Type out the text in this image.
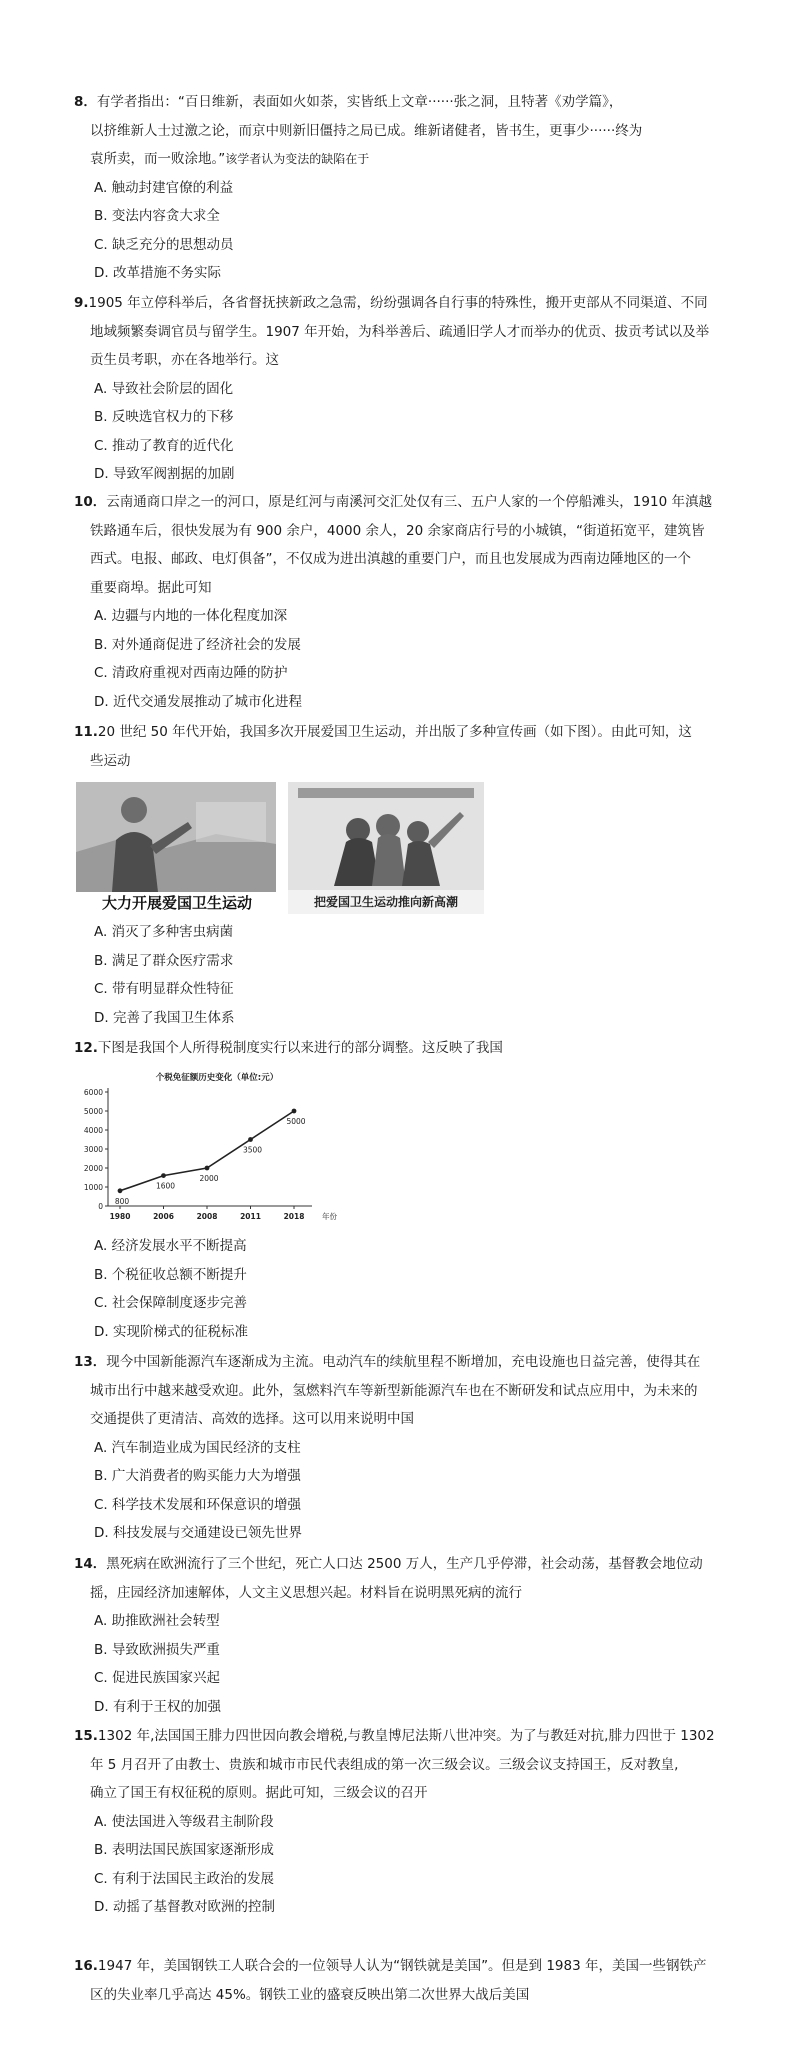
8．有学者指出：“百日维新，表面如火如荼，实皆纸上文章······张之洞，且特著《劝学篇》，

以挤维新人士过激之论，而京中则新旧僵持之局已成。维新诸健者，皆书生，更事少······终为

袁所卖，而一败涂地。”该学者认为变法的缺陷在于

A. 触动封建官僚的利益

B. 变法内容贪大求全

C. 缺乏充分的思想动员

D. 改革措施不务实际

9.1905 年立停科举后，各省督抚挟新政之急需，纷纷强调各自行事的特殊性，搬开吏部从不同渠道、不同

地域频繁奏调官员与留学生。1907 年开始，为科举善后、疏通旧学人才而举办的优贡、拔贡考试以及举

贡生员考职，亦在各地举行。这

A. 导致社会阶层的固化

B. 反映选官权力的下移

C. 推动了教育的近代化

D. 导致军阀割据的加剧

10．云南通商口岸之一的河口，原是红河与南溪河交汇处仅有三、五户人家的一个停船滩头，1910 年滇越

铁路通车后，很快发展为有 900 余户，4000 余人，20 余家商店行号的小城镇，“街道拓宽平，建筑皆

西式。电报、邮政、电灯俱备”，不仅成为进出滇越的重要门户，而且也发展成为西南边陲地区的一个

重要商埠。据此可知

A. 边疆与内地的一体化程度加深

B. 对外通商促进了经济社会的发展

C. 清政府重视对西南边陲的防护

D. 近代交通发展推动了城市化进程

11.20 世纪 50 年代开始，我国多次开展爱国卫生运动，并出版了多种宣传画（如下图）。由此可知，这

些运动

大力开展爱国卫生运动	把爱国卫生运动推向新高潮

A. 消灭了多种害虫病菌

B. 满足了群众医疗需求

C. 带有明显群众性特征

D. 完善了我国卫生体系

12.下图是我国个人所得税制度实行以来进行的部分调整。这反映了我国

0
1000
2000
3000
4000
5000
6000
1980	2006	2008	2011	2018 年份
个税免征额历史变化（单位:元）
800
1600
2000
3500
5000

A. 经济发展水平不断提高

B. 个税征收总额不断提升

C. 社会保障制度逐步完善

D. 实现阶梯式的征税标准

13．现今中国新能源汽车逐渐成为主流。电动汽车的续航里程不断增加，充电设施也日益完善，使得其在

城市出行中越来越受欢迎。此外，氢燃料汽车等新型新能源汽车也在不断研发和试点应用中，为未来的

交通提供了更清洁、高效的选择。这可以用来说明中国

A. 汽车制造业成为国民经济的支柱

B. 广大消费者的购买能力大为增强

C. 科学技术发展和环保意识的增强

D. 科技发展与交通建设已领先世界

14．黑死病在欧洲流行了三个世纪，死亡人口达 2500 万人，生产几乎停滞，社会动荡，基督教会地位动

摇，庄园经济加速解体，人文主义思想兴起。材料旨在说明黑死病的流行

A. 助推欧洲社会转型

B. 导致欧洲损失严重

C. 促进民族国家兴起

D. 有利于王权的加强

15.1302 年,法国国王腓力四世因向教会增税,与教皇博尼法斯八世冲突。为了与教廷对抗,腓力四世于 1302

年 5 月召开了由教士、贵族和城市市民代表组成的第一次三级会议。三级会议支持国王，反对教皇,

确立了国王有权征税的原则。据此可知，三级会议的召开

A. 使法国进入等级君主制阶段

B. 表明法国民族国家逐渐形成

C. 有利于法国民主政治的发展

D. 动摇了基督教对欧洲的控制

16.1947 年，美国钢铁工人联合会的一位领导人认为“钢铁就是美国”。但是到 1983 年，美国一些钢铁产

区的失业率几乎高达 45%。钢铁工业的盛衰反映出第二次世界大战后美国
